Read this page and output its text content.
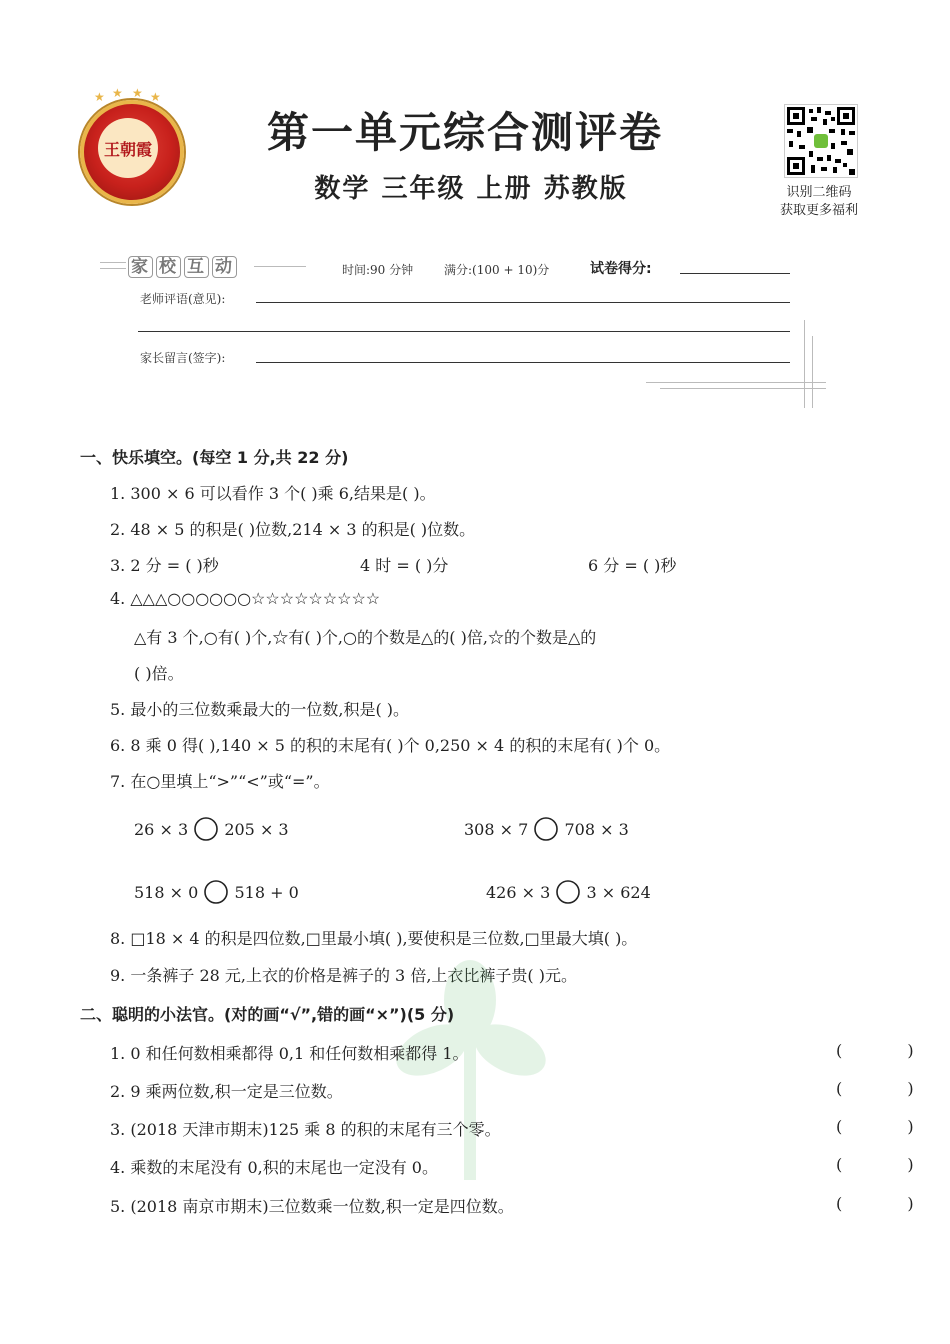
★ ★ ★ ★
王朝霞	第一单元综合测评卷
数学 三年级 上册 苏教版	识别二维码
获取更多福利
家 校 互 动	时间:90 分钟	满分:(100 + 10)分	试卷得分:
老师评语(意见):
家长留言(签字):
一、快乐填空。(每空 1 分,共 22 分)
1. 300 × 6 可以看作 3 个( )乘 6,结果是( )。
2. 48 × 5 的积是( )位数,214 × 3 的积是( )位数。
3. 2 分 = ( )秒	4 时 = ( )分	6 分 = ( )秒
4. △△△○○○○○○☆☆☆☆☆☆☆☆☆
△有 3 个,○有( )个,☆有( )个,○的个数是△的( )倍,☆的个数是△的
( )倍。
5. 最小的三位数乘最大的一位数,积是( )。
6. 8 乘 0 得( ),140 × 5 的积的末尾有( )个 0,250 × 4 的积的末尾有( )个 0。
7. 在○里填上“>”“<”或“=”。
26 × 3 205 × 3	308 × 7 708 × 3
518 × 0 518 + 0	426 × 3 3 × 624
8. □18 × 4 的积是四位数,□里最小填( ),要使积是三位数,□里最大填( )。
9. 一条裤子 28 元,上衣的价格是裤子的 3 倍,上衣比裤子贵( )元。
二、聪明的小法官。(对的画“√”,错的画“×”)(5 分)
1. 0 和任何数相乘都得 0,1 和任何数相乘都得 1。	( )
2. 9 乘两位数,积一定是三位数。	( )
3. (2018 天津市期末)125 乘 8 的积的末尾有三个零。	( )
4. 乘数的末尾没有 0,积的末尾也一定没有 0。	( )
5. (2018 南京市期末)三位数乘一位数,积一定是四位数。	( )
